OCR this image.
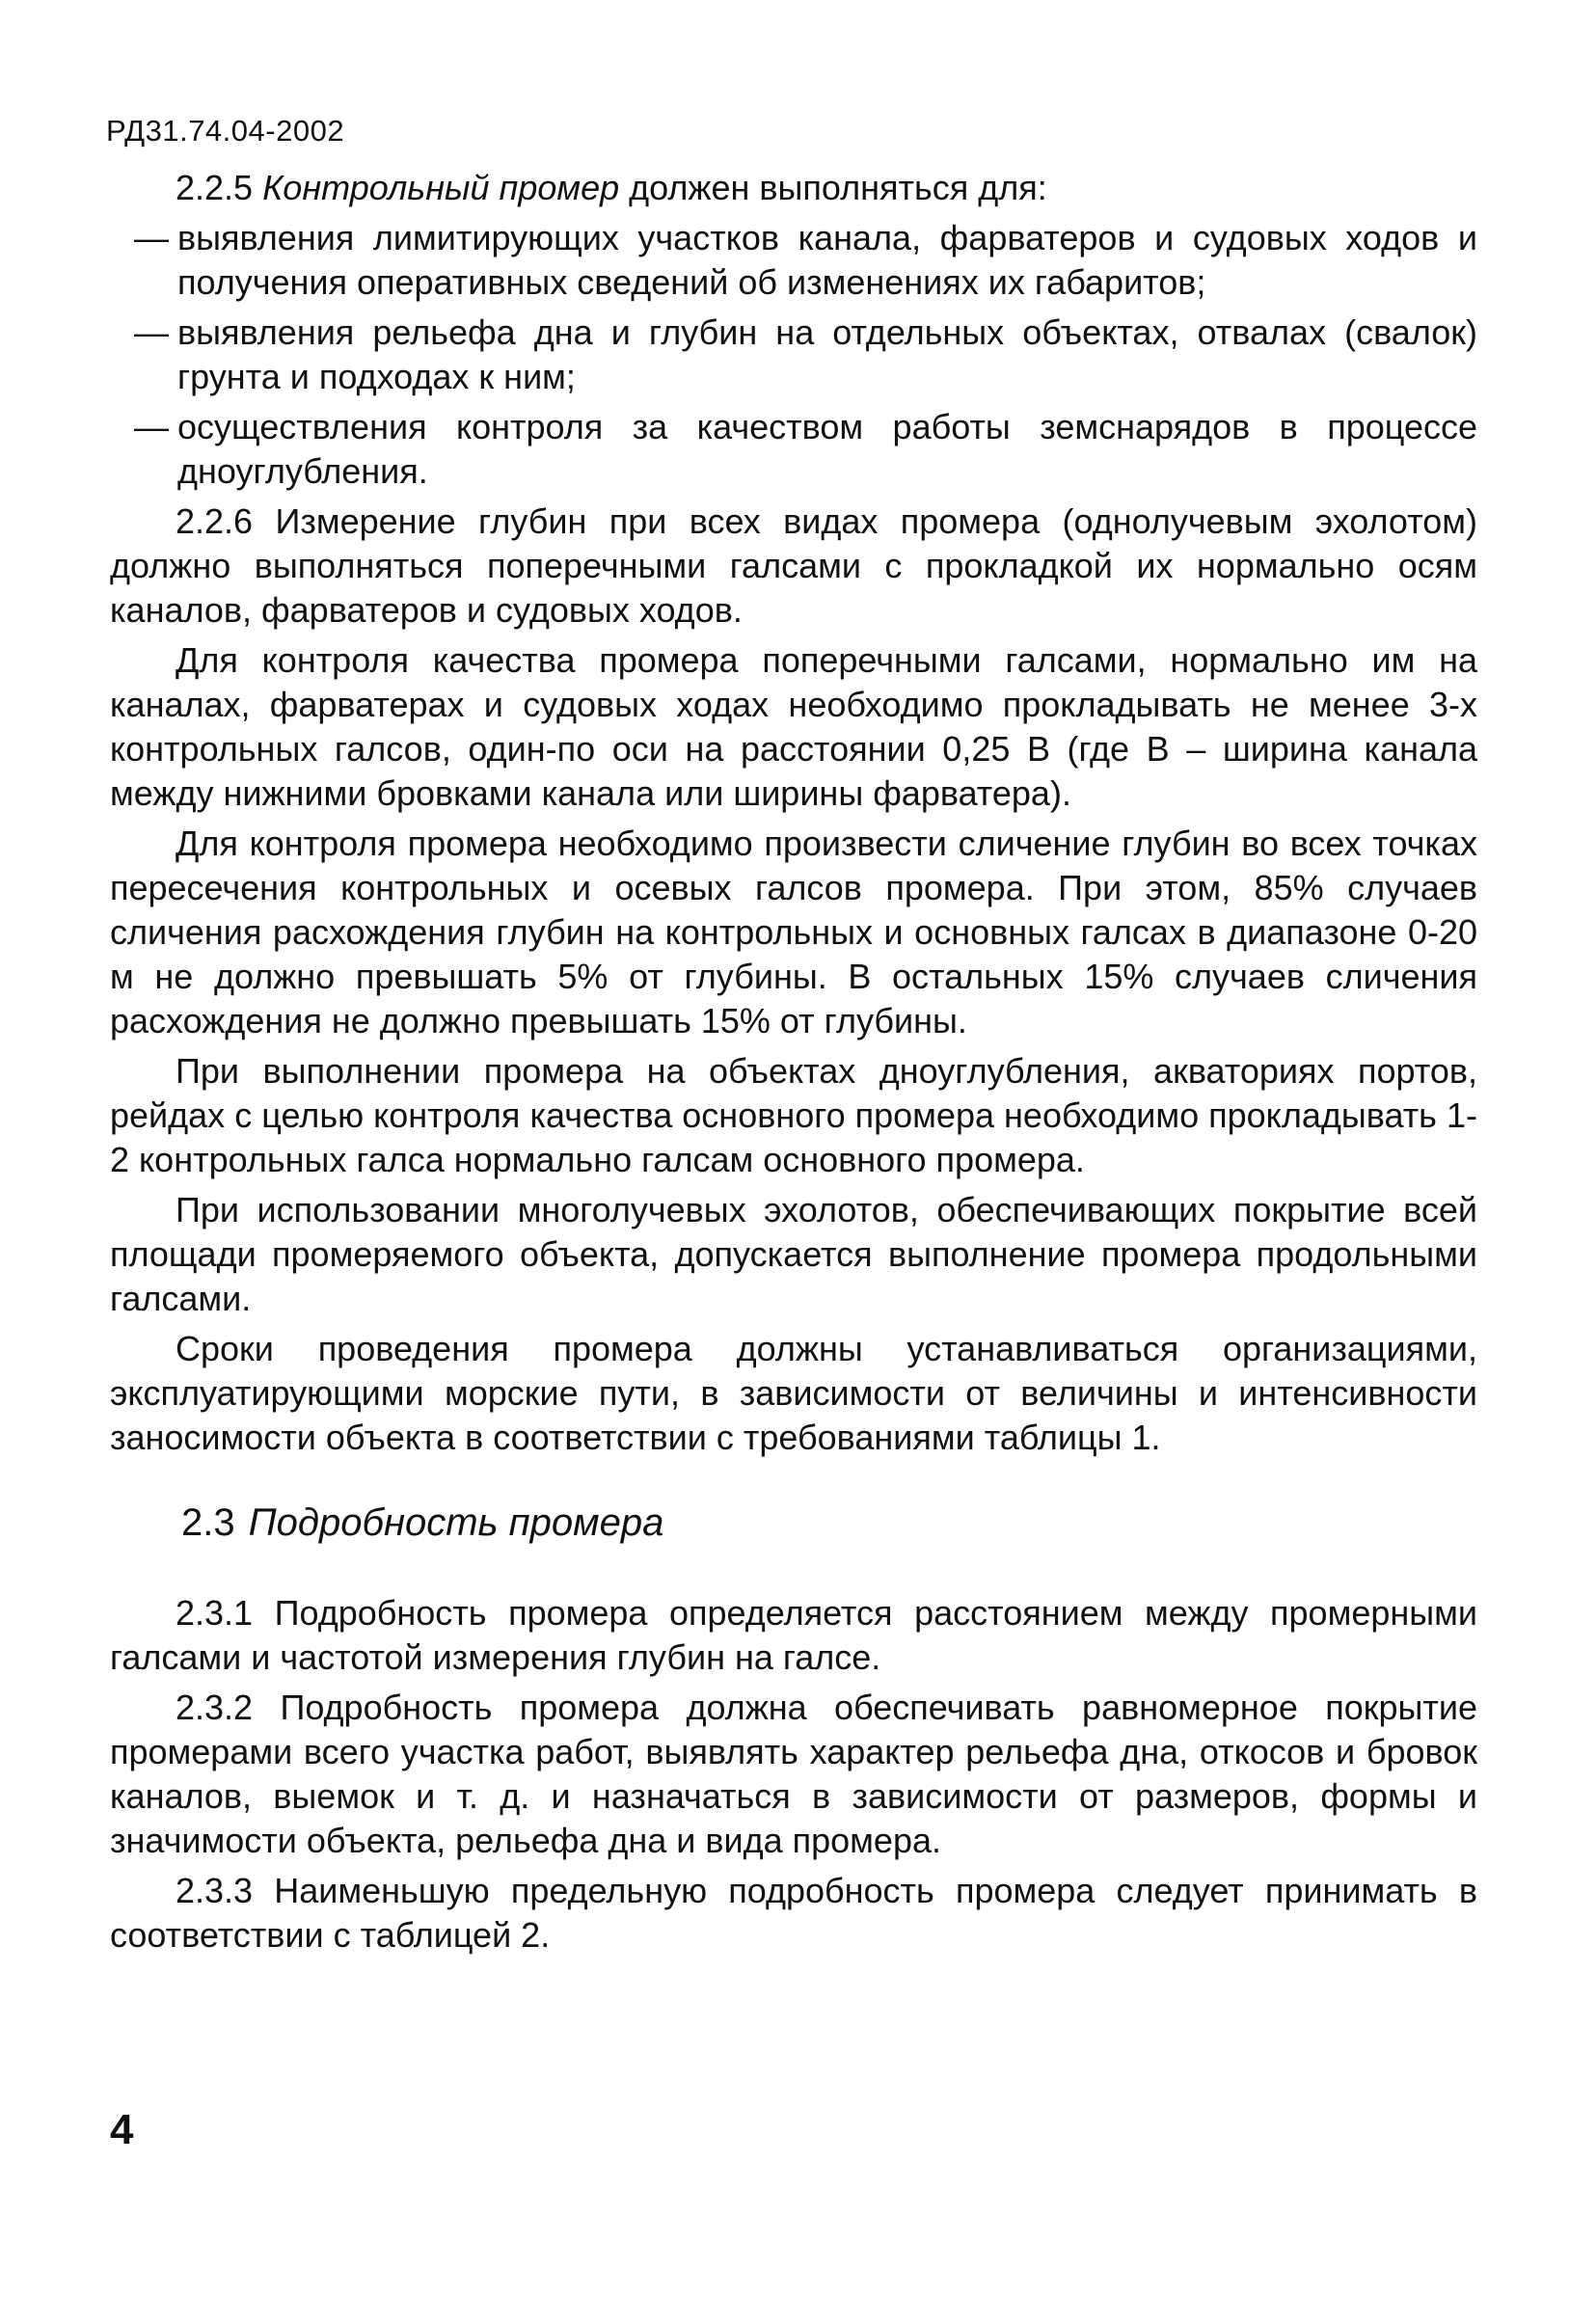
РД31.74.04-2002

2.2.5 Контрольный промер должен выполняться для:

— выявления лимитирующих участков канала, фарватеров и судовых ходов и получения оперативных сведений об изменениях их габаритов;
— выявления рельефа дна и глубин на отдельных объектах, отвалах (свалок) грунта и подходах к ним;
— осуществления контроля за качеством работы земснарядов в процессе дноуглубления.

2.2.6 Измерение глубин при всех видах промера (однолучевым эхолотом) должно выполняться поперечными галсами с прокладкой их нормально осям каналов, фарватеров и судовых ходов.

Для контроля качества промера поперечными галсами, нормально им на каналах, фарватерах и судовых ходах необходимо прокладывать не менее 3-х контрольных галсов, один-по оси на расстоянии 0,25 В (где В – ширина канала между нижними бровками канала или ширины фарватера).

Для контроля промера необходимо произвести сличение глубин во всех точках пересечения контрольных и осевых галсов промера. При этом, 85% случаев сличения расхождения глубин на контрольных и основных галсах в диапазоне 0-20 м не должно превышать 5% от глубины. В остальных 15% случаев сличения расхождения не должно превышать 15% от глубины.

При выполнении промера на объектах дноуглубления, акваториях портов, рейдах с целью контроля качества основного промера необходимо прокладывать 1-2 контрольных галса нормально галсам основного промера.

При использовании многолучевых эхолотов, обеспечивающих покрытие всей площади промеряемого объекта, допускается выполнение промера продольными галсами.

Сроки проведения промера должны устанавливаться организациями, эксплуатирующими морские пути, в зависимости от величины и интенсивности заносимости объекта в соответствии с требованиями таблицы 1.

2.3 Подробность промера

2.3.1 Подробность промера определяется расстоянием между промерными галсами и частотой измерения глубин на галсе.

2.3.2 Подробность промера должна обеспечивать равномерное покрытие промерами всего участка работ, выявлять характер рельефа дна, откосов и бровок каналов, выемок и т. д. и назначаться в зависимости от размеров, формы и значимости объекта, рельефа дна и вида промера.

2.3.3 Наименьшую предельную подробность промера следует принимать в соответствии с таблицей 2.

4
